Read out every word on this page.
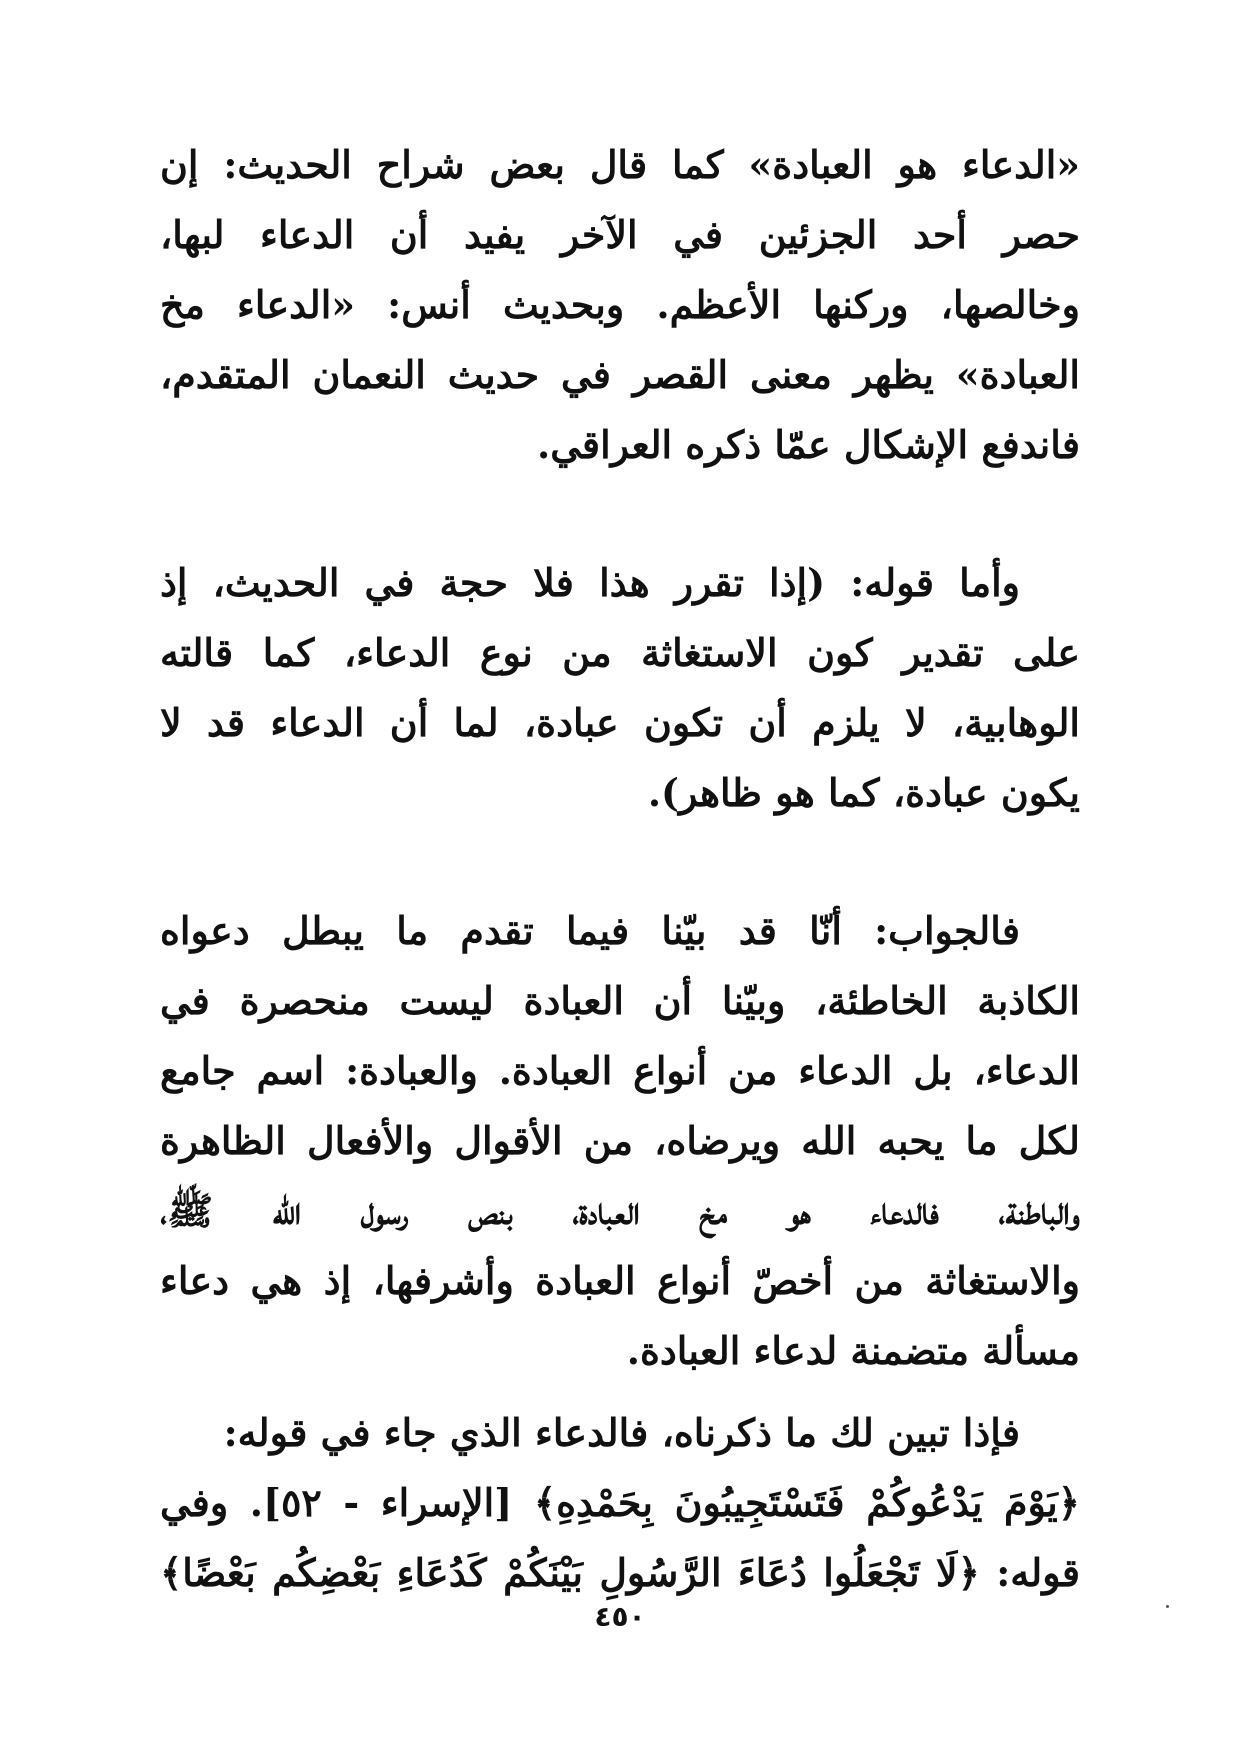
«الدعاء هو العبادة» كما قال بعض شراح الحديث: إن
حصر أحد الجزئين في الآخر يفيد أن الدعاء لبها،
وخالصها، وركنها الأعظم. وبحديث أنس: «الدعاء مخ
العبادة» يظهر معنى القصر في حديث النعمان المتقدم،
فاندفع الإشكال عمّا ذكره العراقي.
وأما قوله: (إذا تقرر هذا فلا حجة في الحديث، إذ
على تقدير كون الاستغاثة من نوع الدعاء، كما قالته
الوهابية، لا يلزم أن تكون عبادة، لما أن الدعاء قد لا
يكون عبادة، كما هو ظاهر).
فالجواب: أنّا قد بيّنا فيما تقدم ما يبطل دعواه
الكاذبة الخاطئة، وبيّنا أن العبادة ليست منحصرة في
الدعاء، بل الدعاء من أنواع العبادة. والعبادة: اسم جامع
لكل ما يحبه الله ويرضاه، من الأقوال والأفعال الظاهرة
والباطنة، فالدعاء هو مخ العبادة، بنص رسول الله ﷺ،
والاستغاثة من أخصّ أنواع العبادة وأشرفها، إذ هي دعاء
مسألة متضمنة لدعاء العبادة.
فإذا تبين لك ما ذكرناه، فالدعاء الذي جاء في قوله:
﴿يَوْمَ يَدْعُوكُمْ فَتَسْتَجِيبُونَ بِحَمْدِهِ﴾ [الإسراء - ٥٢]. وفي
قوله: ﴿لَا تَجْعَلُوا دُعَاءَ الرَّسُولِ بَيْنَكُمْ كَدُعَاءِ بَعْضِكُم بَعْضًا﴾
٤٥٠
